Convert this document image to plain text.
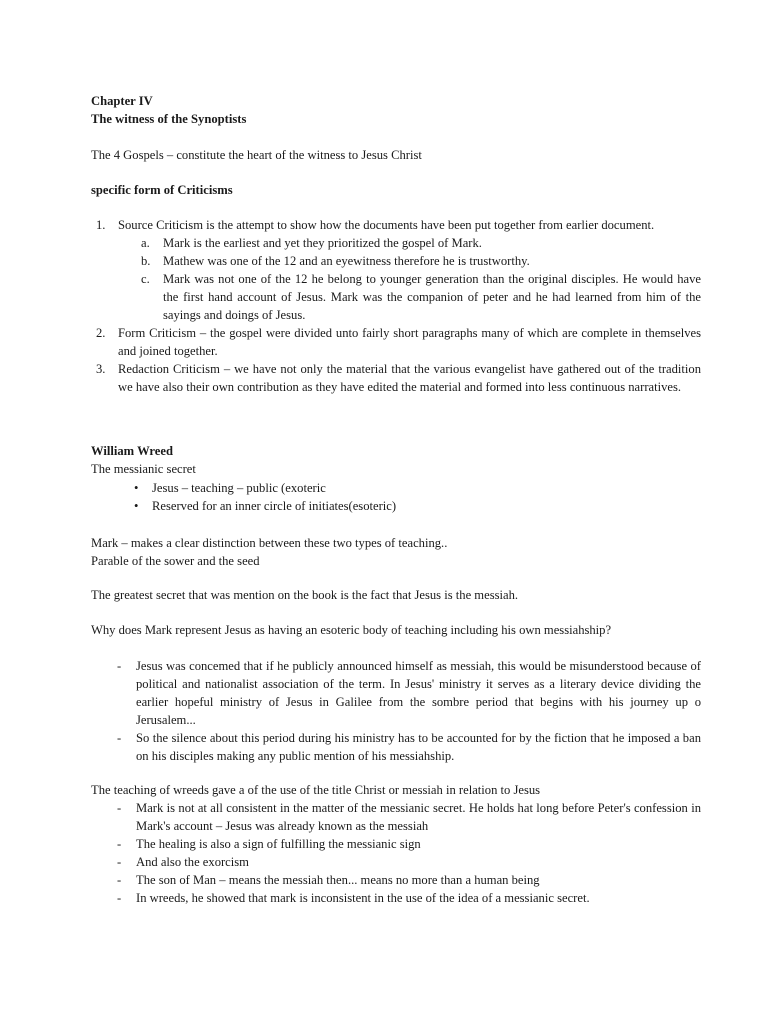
Chapter IV
The witness of the Synoptists
The 4 Gospels – constitute the heart of the witness to Jesus Christ
specific form of Criticisms
1. Source Criticism is the attempt to show how the documents have been put together from earlier document.

a. Mark is the earliest and yet they prioritized the gospel of Mark.

b. Mathew was one of the 12 and an eyewitness therefore he is trustworthy.

c. Mark was not one of the 12 he belong to younger generation than the original disciples. He would have the first hand account of Jesus. Mark was the companion of peter and he had learned from him of the sayings and doings of Jesus.

2. Form Criticism – the gospel were divided unto fairly short paragraphs many of which are complete in themselves and joined together.

3. Redaction Criticism – we have not only the material that the various evangelist have gathered out of the tradition we have also their own contribution as they have edited the material and formed into less continuous narratives.

William Wreed
The messianic secret
• Jesus – teaching – public (exoteric

• Reserved for an inner circle of initiates(esoteric)

Mark – makes a clear distinction between these two types of teaching..
Parable of the sower and the seed
The greatest secret that was mention on the book is the fact that Jesus is the messiah.
Why does Mark represent Jesus as having an esoteric body of teaching including his own messiahship?
- Jesus was concemed that if he publicly announced himself as messiah, this would be misunderstood because of political and nationalist association of the term. In Jesus' ministry it serves as a literary device dividing the earlier hopeful ministry of Jesus in Galilee from the sombre period that begins with his journey up o Jerusalem...

- So the silence about this period during his ministry has to be accounted for by the fiction that he imposed a ban on his disciples making any public mention of his messiahship.

The teaching of wreeds gave a of the use of the title Christ or messiah in relation to Jesus
- Mark is not at all consistent in the matter of the messianic secret. He holds hat long before Peter's confession in Mark's account – Jesus was already known as the messiah

- The healing is also a sign of fulfilling the messianic sign

- And also the exorcism

- The son of Man – means the messiah then... means no more than a human being

- In wreeds, he showed that mark is inconsistent in the use of the idea of a messianic secret.
